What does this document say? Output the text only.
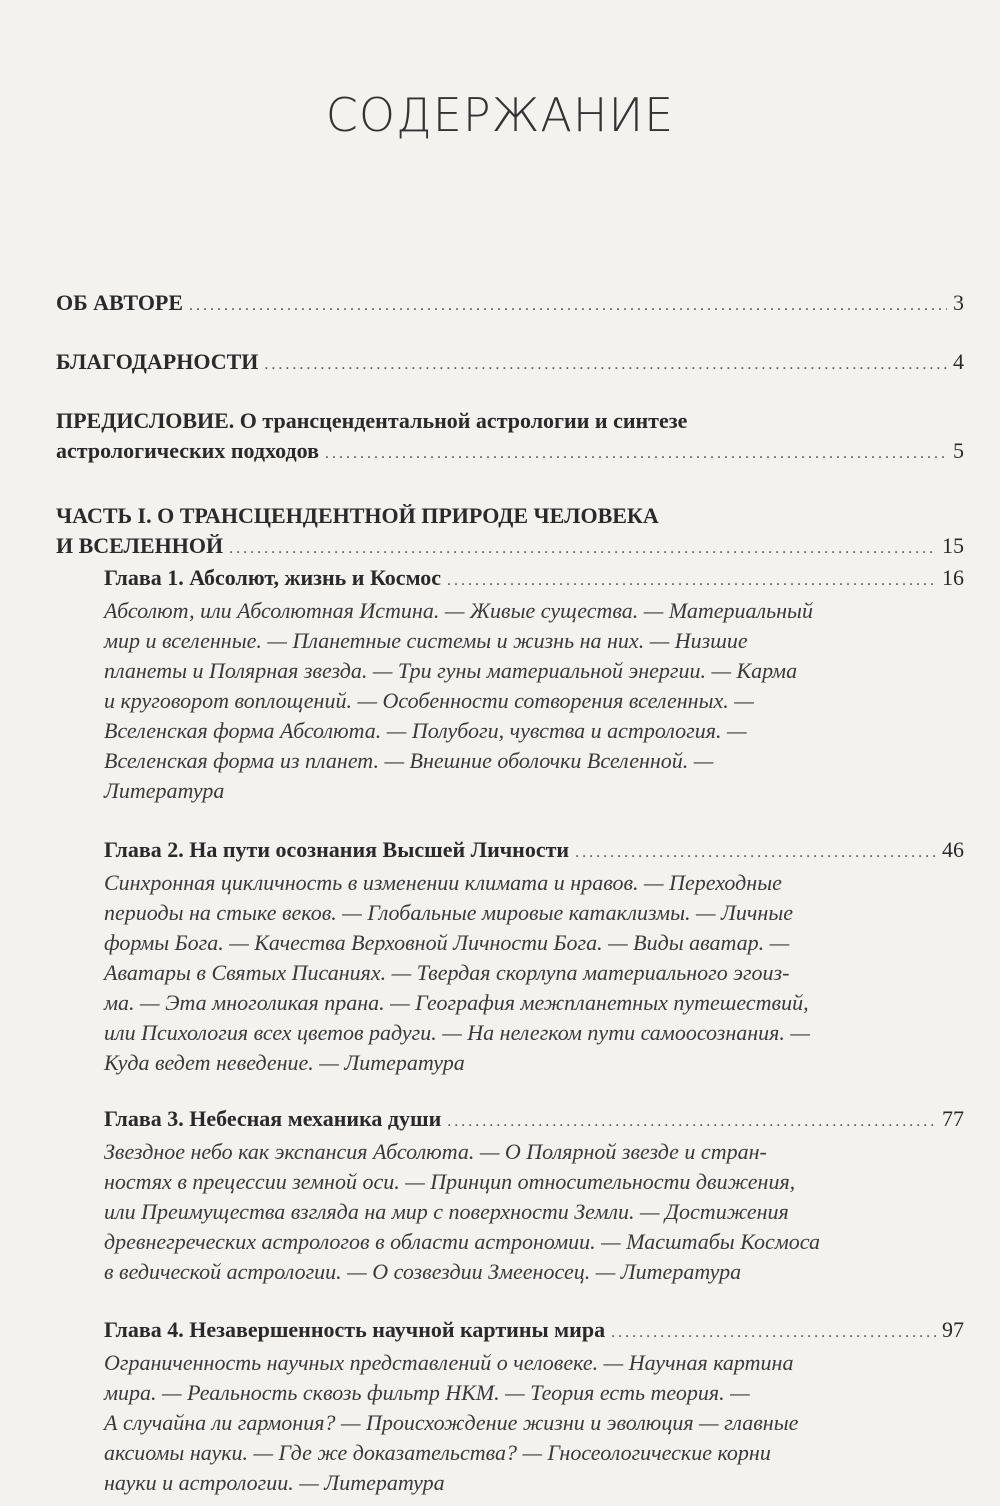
СОДЕРЖАНИЕ
ОБ АВТОРЕ .....	3
БЛАГОДАРНОСТИ .....	4
ПРЕДИСЛОВИЕ. О трансцендентальной астрологии и синтезе
астрологических подходов .....	5
ЧАСТЬ I. О ТРАНСЦЕНДЕНТНОЙ ПРИРОДЕ ЧЕЛОВЕКА
И ВСЕЛЕННОЙ .....	15
Глава 1. Абсолют, жизнь и Космос .....	16
Абсолют, или Абсолютная Истина. — Живые существа. — Материальный
мир и вселенные. — Планетные системы и жизнь на них. — Низшие
планеты и Полярная звезда. — Три гуны материальной энергии. — Карма
и круговорот воплощений. — Особенности сотворения вселенных. —
Вселенская форма Абсолюта. — Полубоги, чувства и астрология. —
Вселенская форма из планет. — Внешние оболочки Вселенной. —
Литература
Глава 2. На пути осознания Высшей Личности .....	46
Синхронная цикличность в изменении климата и нравов. — Переходные
периоды на стыке веков. — Глобальные мировые катаклизмы. — Личные
формы Бога. — Качества Верховной Личности Бога. — Виды аватар. —
Аватары в Святых Писаниях. — Твердая скорлупа материального эгоиз-
ма. — Эта многоликая прана. — География межпланетных путешествий,
или Психология всех цветов радуги. — На нелегком пути самоосознания. —
Куда ведет неведение. — Литература
Глава 3. Небесная механика души .....	77
Звездное небо как экспансия Абсолюта. — О Полярной звезде и стран-
ностях в прецессии земной оси. — Принцип относительности движения,
или Преимущества взгляда на мир с поверхности Земли. — Достижения
древнегреческих астрологов в области астрономии. — Масштабы Космоса
в ведической астрологии. — О созвездии Змееносец. — Литература
Глава 4. Незавершенность научной картины мира .....	97
Ограниченность научных представлений о человеке. — Научная картина
мира. — Реальность сквозь фильтр НКМ. — Теория есть теория. —
А случайна ли гармония? — Происхождение жизни и эволюция — главные
аксиомы науки. — Где же доказательства? — Гносеологические корни
науки и астрологии. — Литература
